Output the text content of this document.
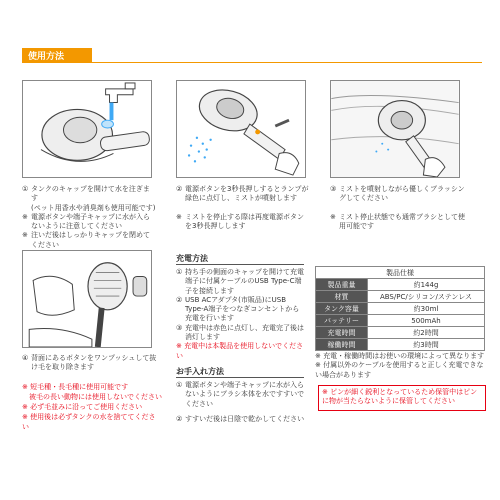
使用方法
① タンクのキャップを開けて水を注ぎます
(ペット用香水や消臭剤も使用可能です)
※ 電源ボタンや端子キャップに水が入らないように注意してください
※ 注いだ後はしっかりキャップを閉めてください
② 電源ボタンを3秒長押しするとランプが緑色に点灯し、ミストが噴射します
※ ミストを停止する際は再度電源ボタンを3秒長押しします
③ ミストを噴射しながら優しくブラッシングしてください
※ ミスト停止状態でも通常ブラシとして使用可能です
④ 背面にあるボタンをワンプッシュして抜け毛を取り除きます
※ 短毛種・長毛種に使用可能です
　被毛の長い動物には使用しないでください
※ 必ず毛並みに沿ってご使用ください
※ 使用後は必ずタンクの水を捨ててください
充電方法
① 持ち手の側面のキャップを開けて充電端子に付属ケーブルのUSB Type-C端子を接続します
② USB ACアダプタ(市販品)にUSB Type-A端子をつなぎコンセントから充電を行います
③ 充電中は赤色に点灯し、充電完了後は消灯します
※ 充電中は本製品を使用しないでください
お手入れ方法
① 電源ボタンや端子キャップに水が入らないようにブラシ本体を水ですすいでください
② すすいだ後は日陰で乾かしてください
製品仕様	
製品重量	約144g
材質	ABS/PC/シリコン/ステンレス
タンク容量	約30ml
バッテリー	500mAh
充電時間	約2時間
稼働時間	約3時間
※ 充電・稼働時間はお使いの環境によって異なります
※ 付属以外のケーブルを使用すると正しく充電できない場合があります
※ ピンが細く鋭利となっているため保管中はピンに物が当たらないように保管してください
